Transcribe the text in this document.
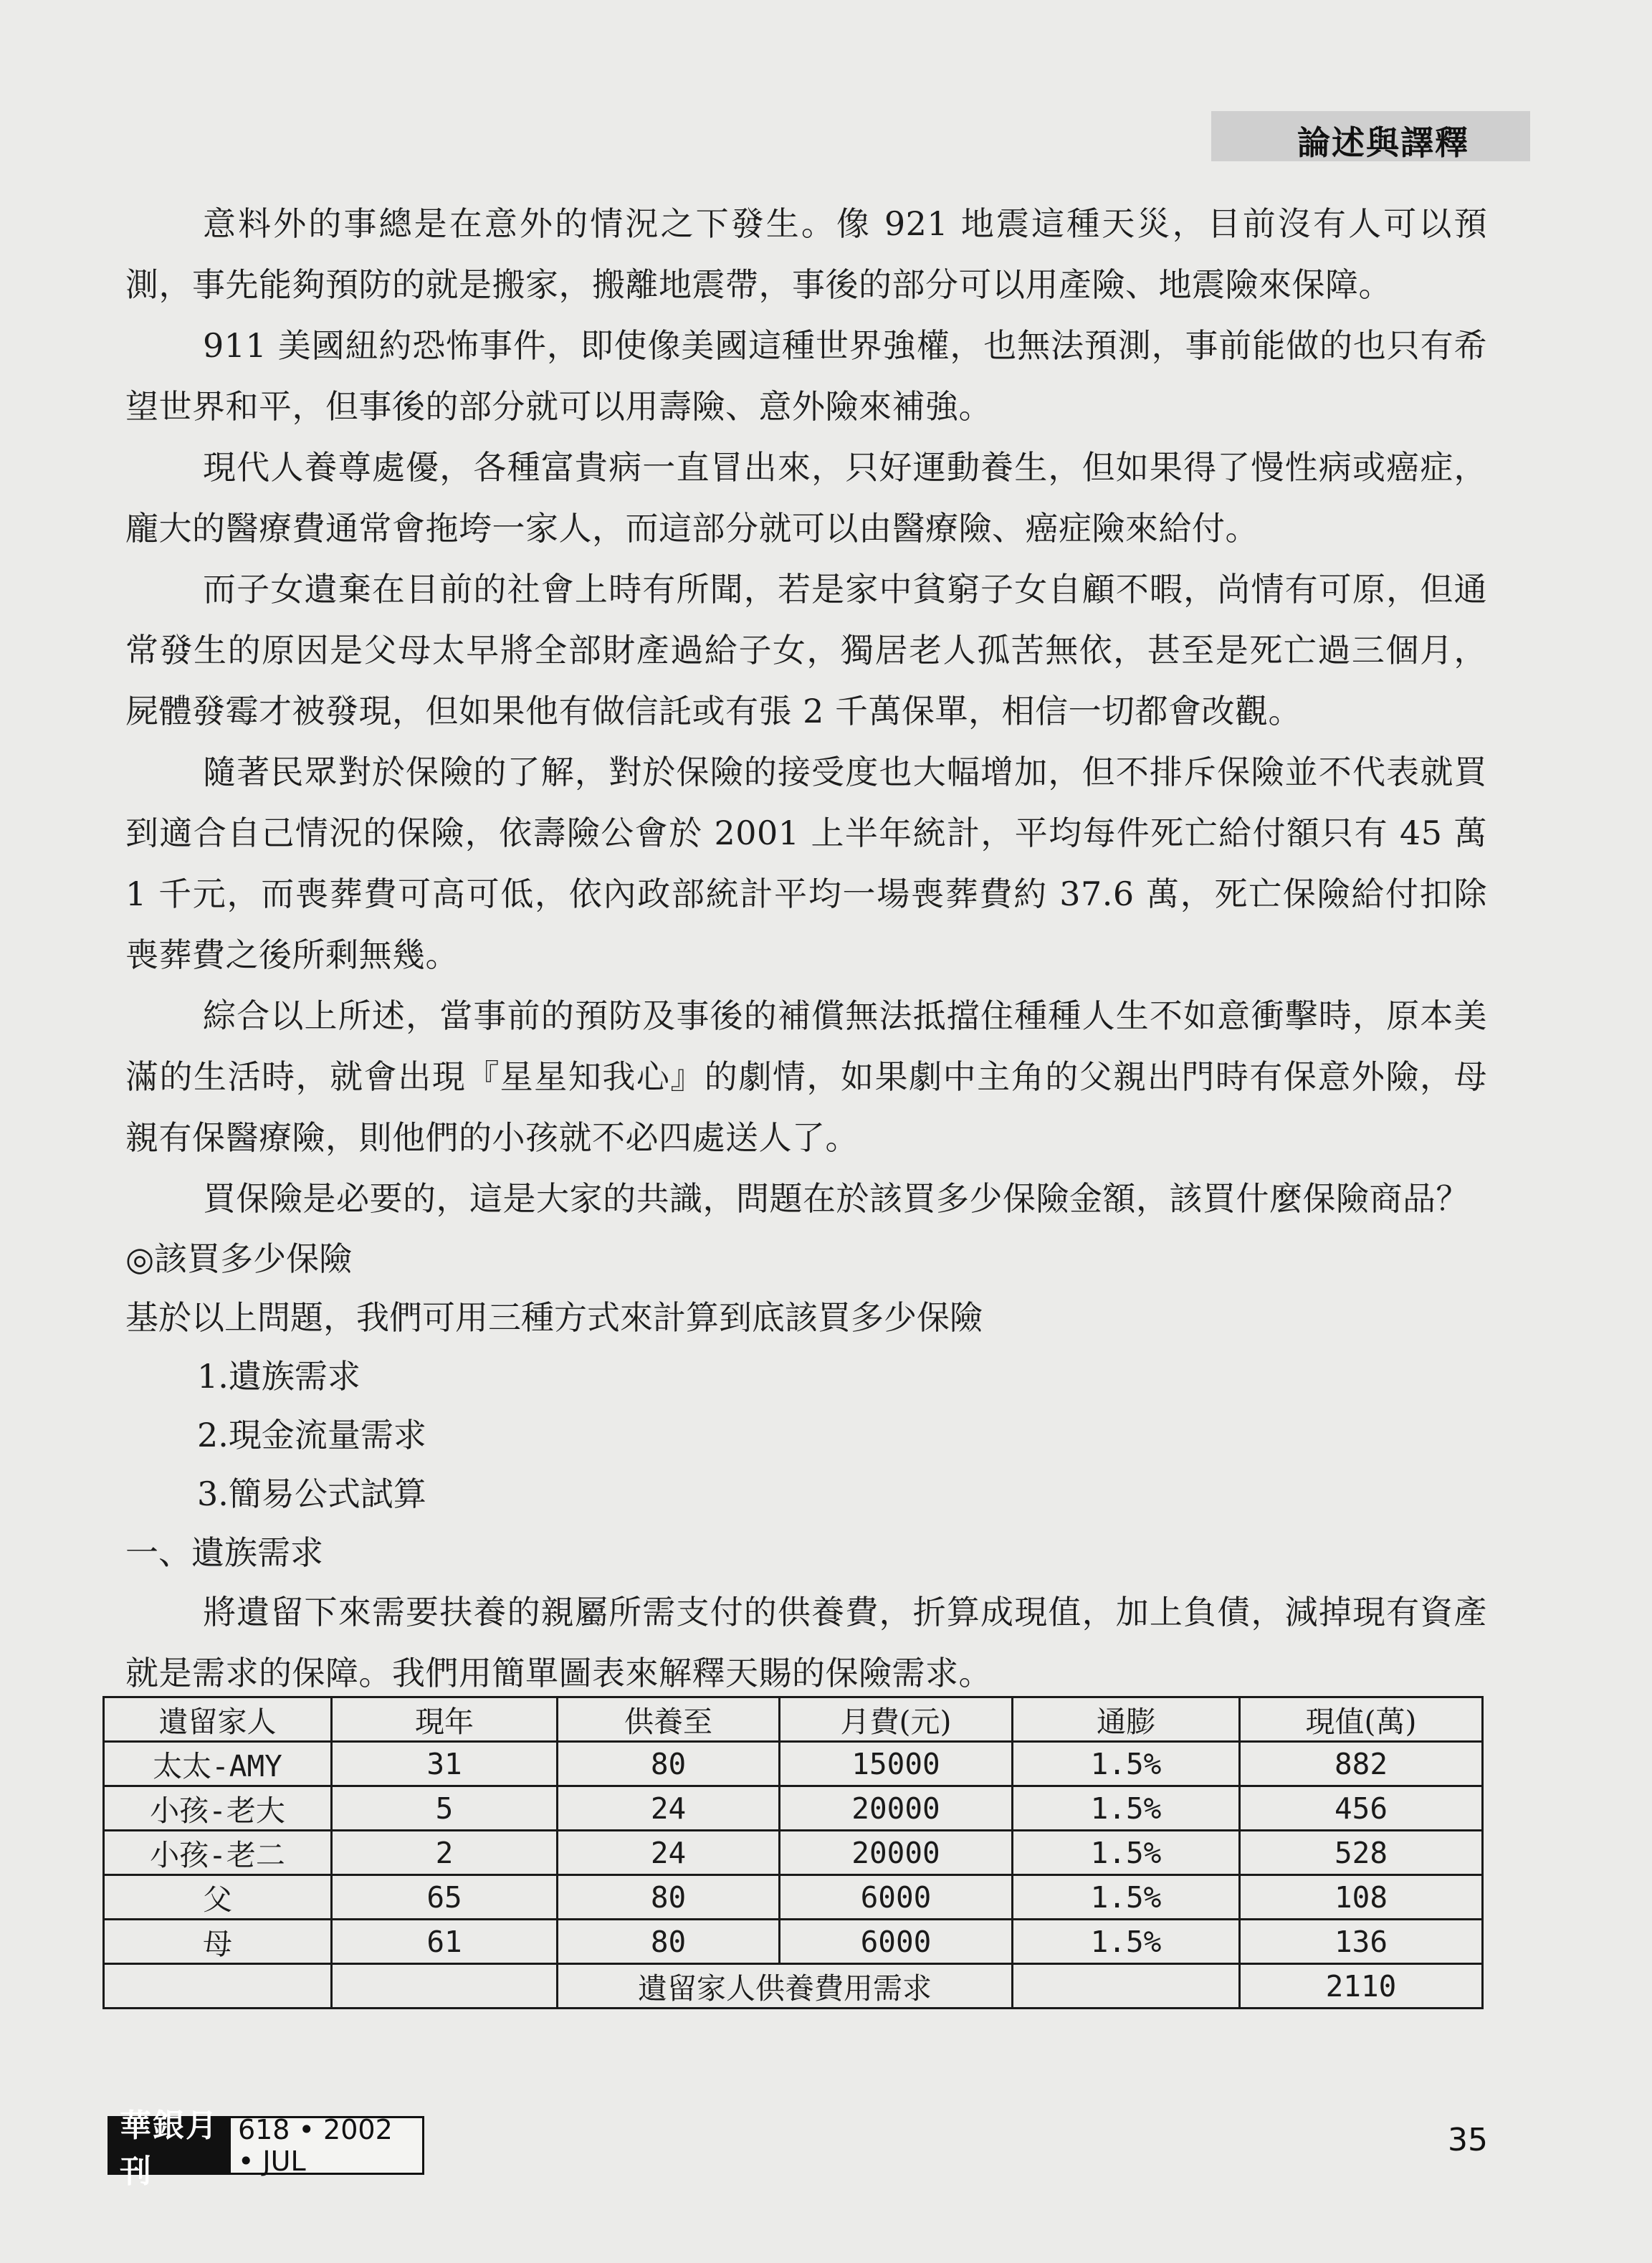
論述與譯釋

意料外的事總是在意外的情況之下發生。像 921 地震這種天災，目前沒有人可以預測，事先能夠預防的就是搬家，搬離地震帶，事後的部分可以用產險、地震險來保障。

911 美國紐約恐怖事件，即使像美國這種世界強權，也無法預測，事前能做的也只有希望世界和平，但事後的部分就可以用壽險、意外險來補強。

現代人養尊處優，各種富貴病一直冒出來，只好運動養生，但如果得了慢性病或癌症，龐大的醫療費通常會拖垮一家人，而這部分就可以由醫療險、癌症險來給付。

而子女遺棄在目前的社會上時有所聞，若是家中貧窮子女自顧不暇，尚情有可原，但通常發生的原因是父母太早將全部財產過給子女，獨居老人孤苦無依，甚至是死亡過三個月，屍體發霉才被發現，但如果他有做信託或有張 2 千萬保單，相信一切都會改觀。

隨著民眾對於保險的了解，對於保險的接受度也大幅增加，但不排斥保險並不代表就買到適合自己情況的保險，依壽險公會於 2001 上半年統計，平均每件死亡給付額只有 45 萬 1 千元，而喪葬費可高可低，依內政部統計平均一場喪葬費約 37.6 萬，死亡保險給付扣除喪葬費之後所剩無幾。

綜合以上所述，當事前的預防及事後的補償無法抵擋住種種人生不如意衝擊時，原本美滿的生活時，就會出現『星星知我心』的劇情，如果劇中主角的父親出門時有保意外險，母親有保醫療險，則他們的小孩就不必四處送人了。

買保險是必要的，這是大家的共識，問題在於該買多少保險金額，該買什麼保險商品？

◎該買多少保險

基於以上問題，我們可用三種方式來計算到底該買多少保險

1.遺族需求

2.現金流量需求

3.簡易公式試算

一、遺族需求

將遺留下來需要扶養的親屬所需支付的供養費，折算成現值，加上負債，減掉現有資產就是需求的保障。我們用簡單圖表來解釋天賜的保險需求。

遺留家人	現年	供養至	月費(元)	通膨	現值(萬)
太太-AMY	31	80	15000	1.5%	882
小孩-老大	5	24	20000	1.5%	456
小孩-老二	2	24	20000	1.5%	528
父	65	80	6000	1.5%	108
母	61	80	6000	1.5%	136
		遺留家人供養費用需求			2110
華銀月刊
618 • 2002 • JUL
35
